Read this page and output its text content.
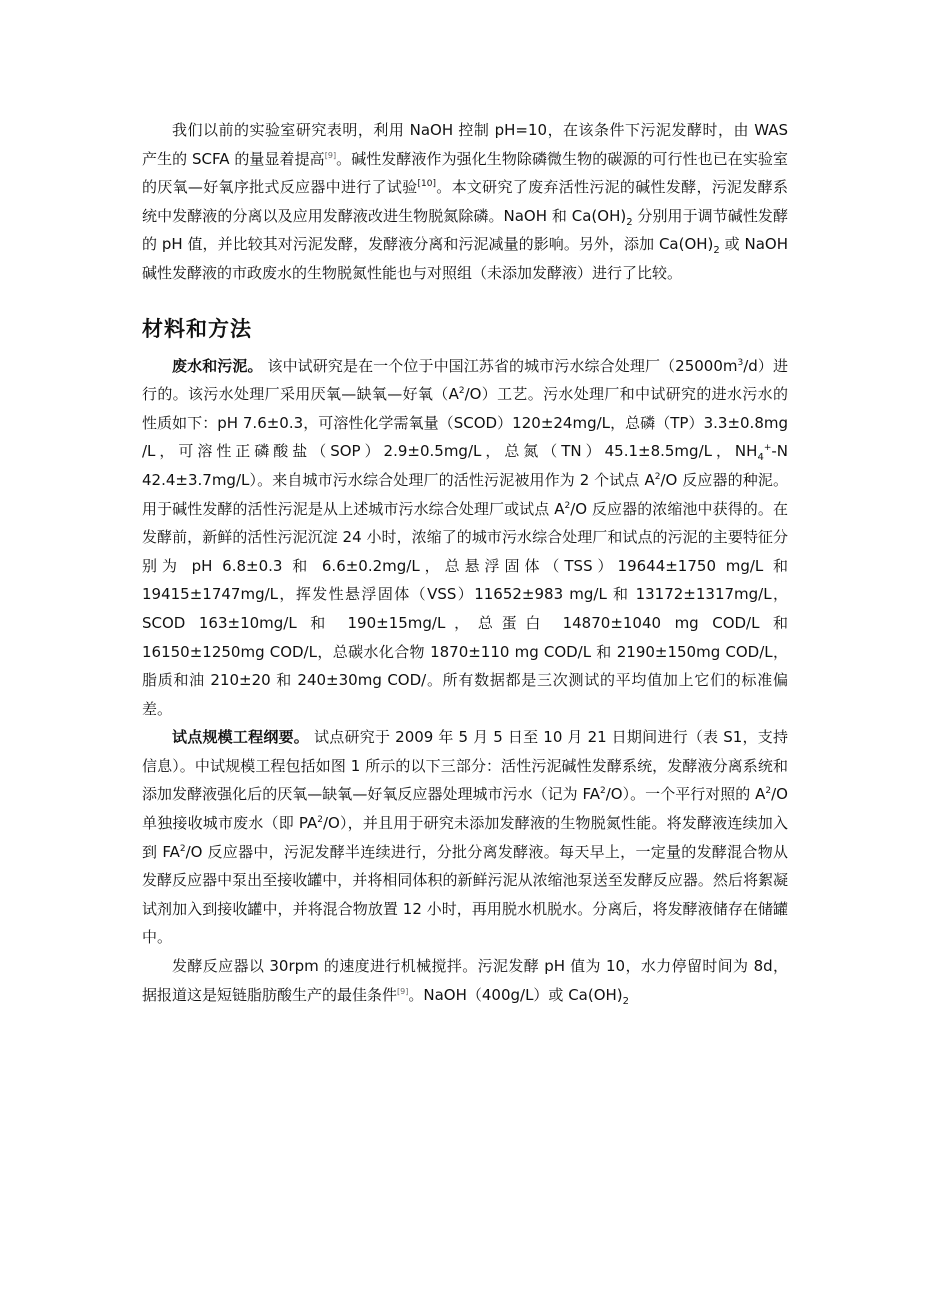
我们以前的实验室研究表明，利用 NaOH 控制 pH=10，在该条件下污泥发酵时，由 WAS 产生的 SCFA 的量显着提高[9]。碱性发酵液作为强化生物除磷微生物的碳源的可行性也已在实验室的厌氧—好氧序批式反应器中进行了试验[10]。本文研究了废弃活性污泥的碱性发酵，污泥发酵系统中发酵液的分离以及应用发酵液改进生物脱氮除磷。NaOH 和 $Ca(OH)_2$ 分别用于调节碱性发酵的 pH 值，并比较其对污泥发酵，发酵液分离和污泥减量的影响。另外，添加 $Ca(OH)_2$ 或 NaOH 碱性发酵液的市政废水的生物脱氮性能也与对照组（未添加发酵液）进行了比较。

材料和方法

废水和污泥。 该中试研究是在一个位于中国江苏省的城市污水综合处理厂$(25000m^3/d)$进行的。该污水处理厂采用厌氧—缺氧—好氧$(A^2/O)$工艺。污水处理厂和中试研究的进水污水的性质如下：pH 7.6±0.3，可溶性化学需氧量（SCOD）120±24mg/L，总磷（TP）3.3±0.8mg /L，可溶性正磷酸盐（SOP）2.9±0.5mg/L，总氮（TN）45.1±8.5mg/L，$NH_4^+-N$ 42.4±3.7mg/L）。来自城市污水综合处理厂的活性污泥被用作为 2 个试点 $A^2/O$ 反应器的种泥。用于碱性发酵的活性污泥是从上述城市污水综合处理厂或试点 $A^2/O$ 反应器的浓缩池中获得的。在发酵前，新鲜的活性污泥沉淀 24 小时，浓缩了的城市污水综合处理厂和试点的污泥的主要特征分别为 pH 6.8±0.3 和 6.6±0.2mg/L，总悬浮固体（TSS）19644±1750 mg/L 和 19415±1747mg/L，挥发性悬浮固体（VSS）11652±983 mg/L 和 13172±1317mg/L，SCOD 163±10mg/L 和 190±15mg/L，总蛋白 14870±1040 mg COD/L 和 16150±1250mg COD/L，总碳水化合物 1870±110 mg COD/L 和 2190±150mg COD/L，脂质和油 210±20 和 240±30mg COD/。所有数据都是三次测试的平均值加上它们的标准偏差。

试点规模工程纲要。 试点研究于 2009 年 5 月 5 日至 10 月 21 日期间进行（表 S1，支持信息）。中试规模工程包括如图 1 所示的以下三部分：活性污泥碱性发酵系统，发酵液分离系统和添加发酵液强化后的厌氧—缺氧—好氧反应器处理城市污水（记为 $FA^2/O$）。一个平行对照的 $A^2/O$ 单独接收城市废水（即 $PA^2/O$），并且用于研究未添加发酵液的生物脱氮性能。将发酵液连续加入到 $FA^2/O$ 反应器中，污泥发酵半连续进行，分批分离发酵液。每天早上，一定量的发酵混合物从发酵反应器中泵出至接收罐中，并将相同体积的新鲜污泥从浓缩池泵送至发酵反应器。然后将絮凝试剂加入到接收罐中，并将混合物放置 12 小时，再用脱水机脱水。分离后，将发酵液储存在储罐中。

发酵反应器以 30rpm 的速度进行机械搅拌。污泥发酵 pH 值为 10，水力停留时间为 8d，据报道这是短链脂肪酸生产的最佳条件[9]。NaOH（400g/L）或 $Ca(OH)_2$
